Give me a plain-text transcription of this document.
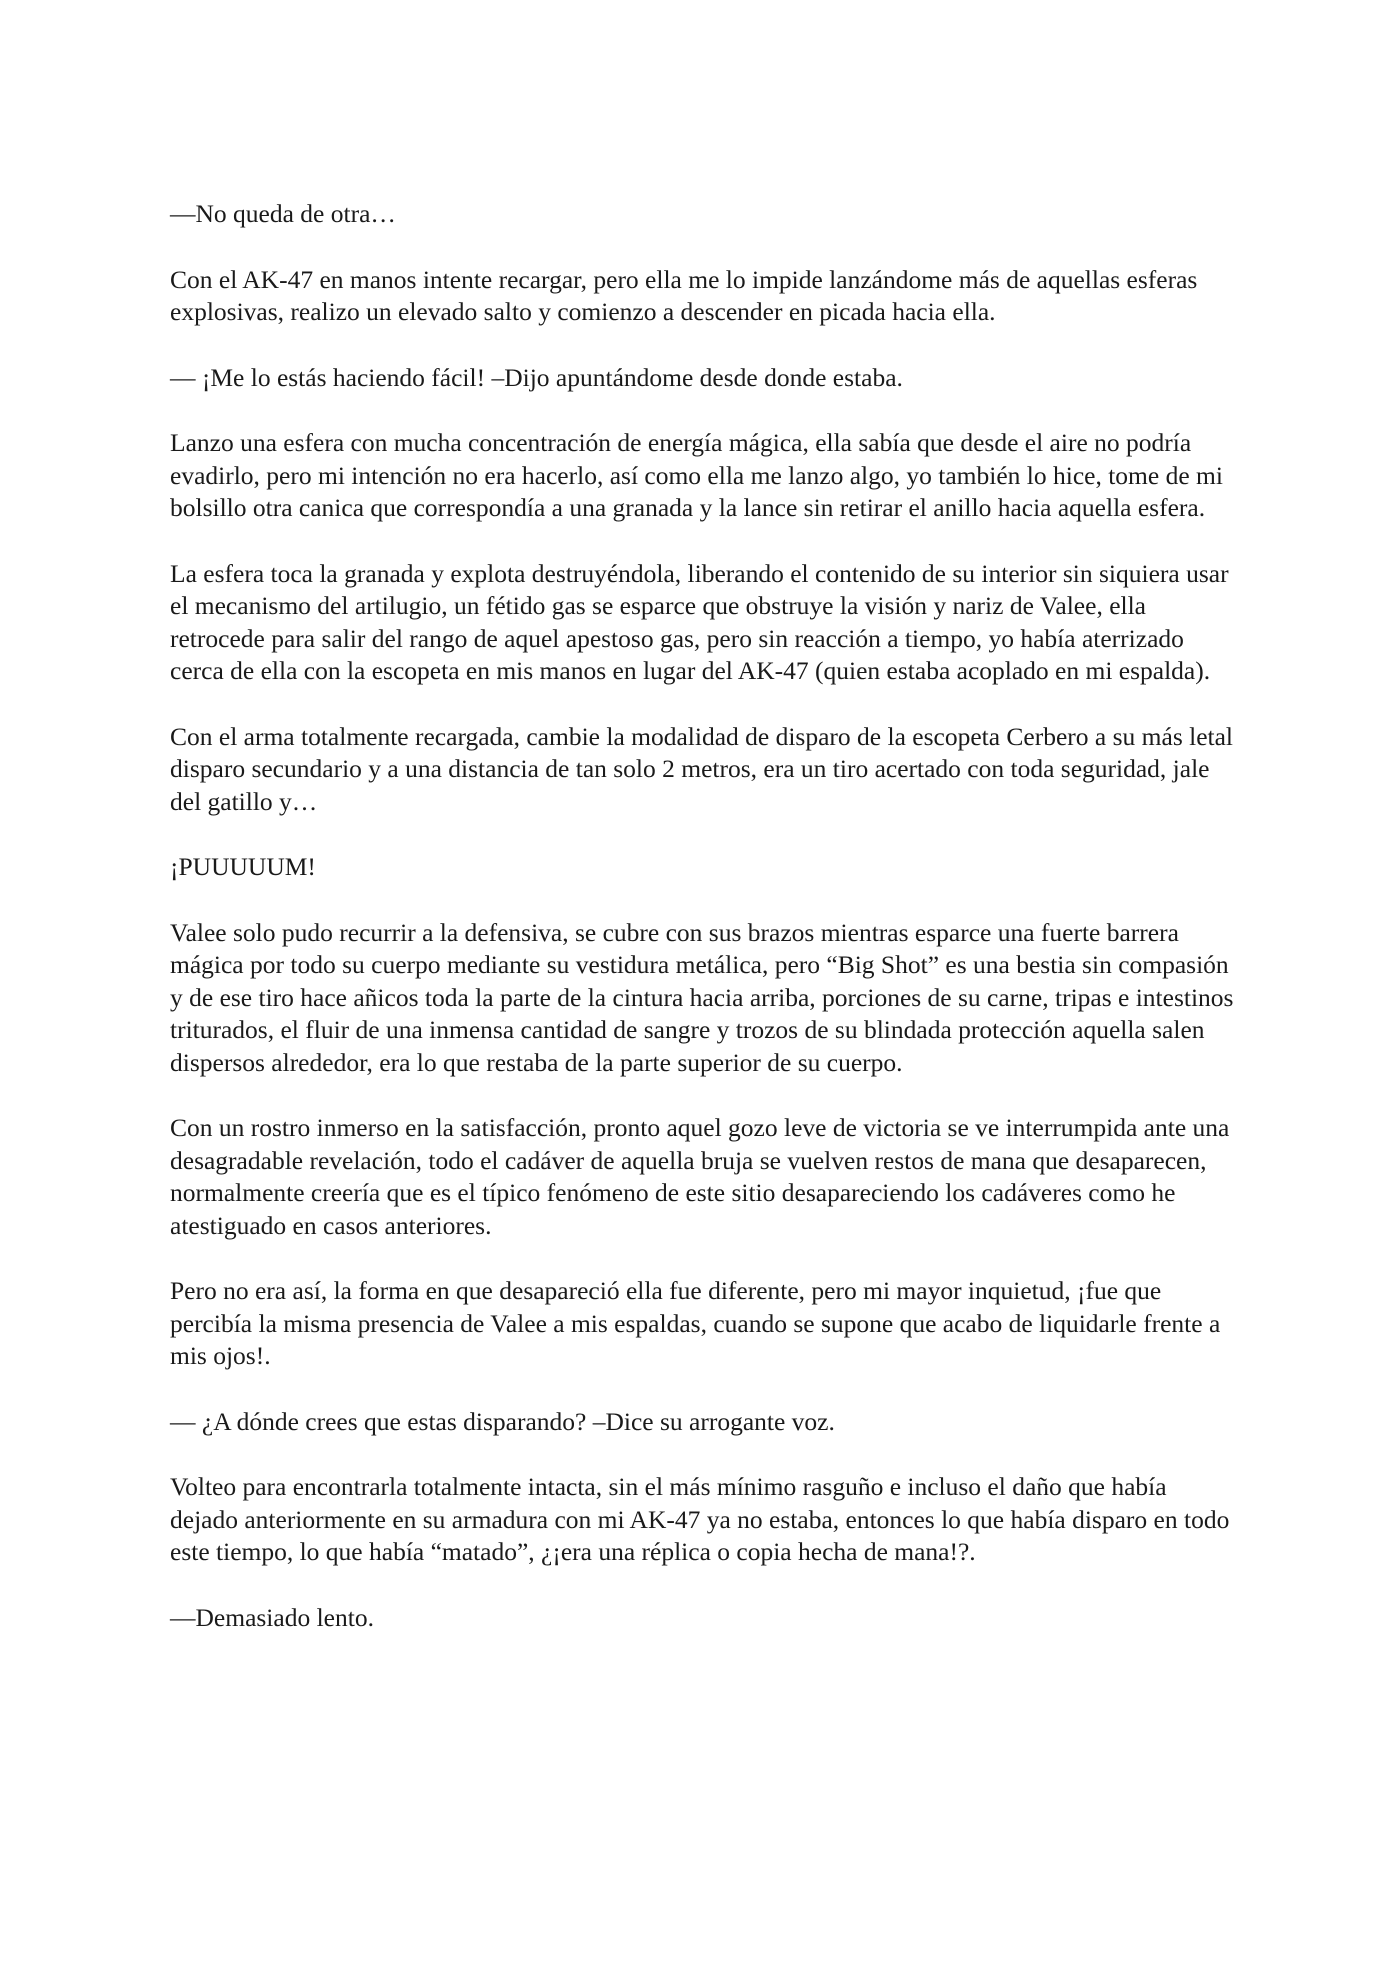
—No queda de otra…

Con el AK-47 en manos intente recargar, pero ella me lo impide lanzándome más de aquellas esferas explosivas, realizo un elevado salto y comienzo a descender en picada hacia ella.

— ¡Me lo estás haciendo fácil! –Dijo apuntándome desde donde estaba.

Lanzo una esfera con mucha concentración de energía mágica, ella sabía que desde el aire no podría evadirlo, pero mi intención no era hacerlo, así como ella me lanzo algo, yo también lo hice, tome de mi bolsillo otra canica que correspondía a una granada y la lance sin retirar el anillo hacia aquella esfera.

La esfera toca la granada y explota destruyéndola, liberando el contenido de su interior sin siquiera usar el mecanismo del artilugio, un fétido gas se esparce que obstruye la visión y nariz de Valee, ella retrocede para salir del rango de aquel apestoso gas, pero sin reacción a tiempo, yo había aterrizado cerca de ella con la escopeta en mis manos en lugar del AK-47 (quien estaba acoplado en mi espalda).

Con el arma totalmente recargada, cambie la modalidad de disparo de la escopeta Cerbero a su más letal disparo secundario y a una distancia de tan solo 2 metros, era un tiro acertado con toda seguridad, jale del gatillo y…

¡PUUUUUM!

Valee solo pudo recurrir a la defensiva, se cubre con sus brazos mientras esparce una fuerte barrera mágica por todo su cuerpo mediante su vestidura metálica, pero “Big Shot” es una bestia sin compasión y de ese tiro hace añicos toda la parte de la cintura hacia arriba, porciones de su carne, tripas e intestinos triturados, el fluir de una inmensa cantidad de sangre y trozos de su blindada protección aquella salen dispersos alrededor, era lo que restaba de la parte superior de su cuerpo.

Con un rostro inmerso en la satisfacción, pronto aquel gozo leve de victoria se ve interrumpida ante una desagradable revelación, todo el cadáver de aquella bruja se vuelven restos de mana que desaparecen, normalmente creería que es el típico fenómeno de este sitio desapareciendo los cadáveres como he atestiguado en casos anteriores.

Pero no era así, la forma en que desapareció ella fue diferente, pero mi mayor inquietud, ¡fue que percibía la misma presencia de Valee a mis espaldas, cuando se supone que acabo de liquidarle frente a mis ojos!.

— ¿A dónde crees que estas disparando? –Dice su arrogante voz.

Volteo para encontrarla totalmente intacta, sin el más mínimo rasguño e incluso el daño que había dejado anteriormente en su armadura con mi AK-47 ya no estaba, entonces lo que había disparo en todo este tiempo, lo que había “matado”, ¿¡era una réplica o copia hecha de mana!?.

—Demasiado lento.
